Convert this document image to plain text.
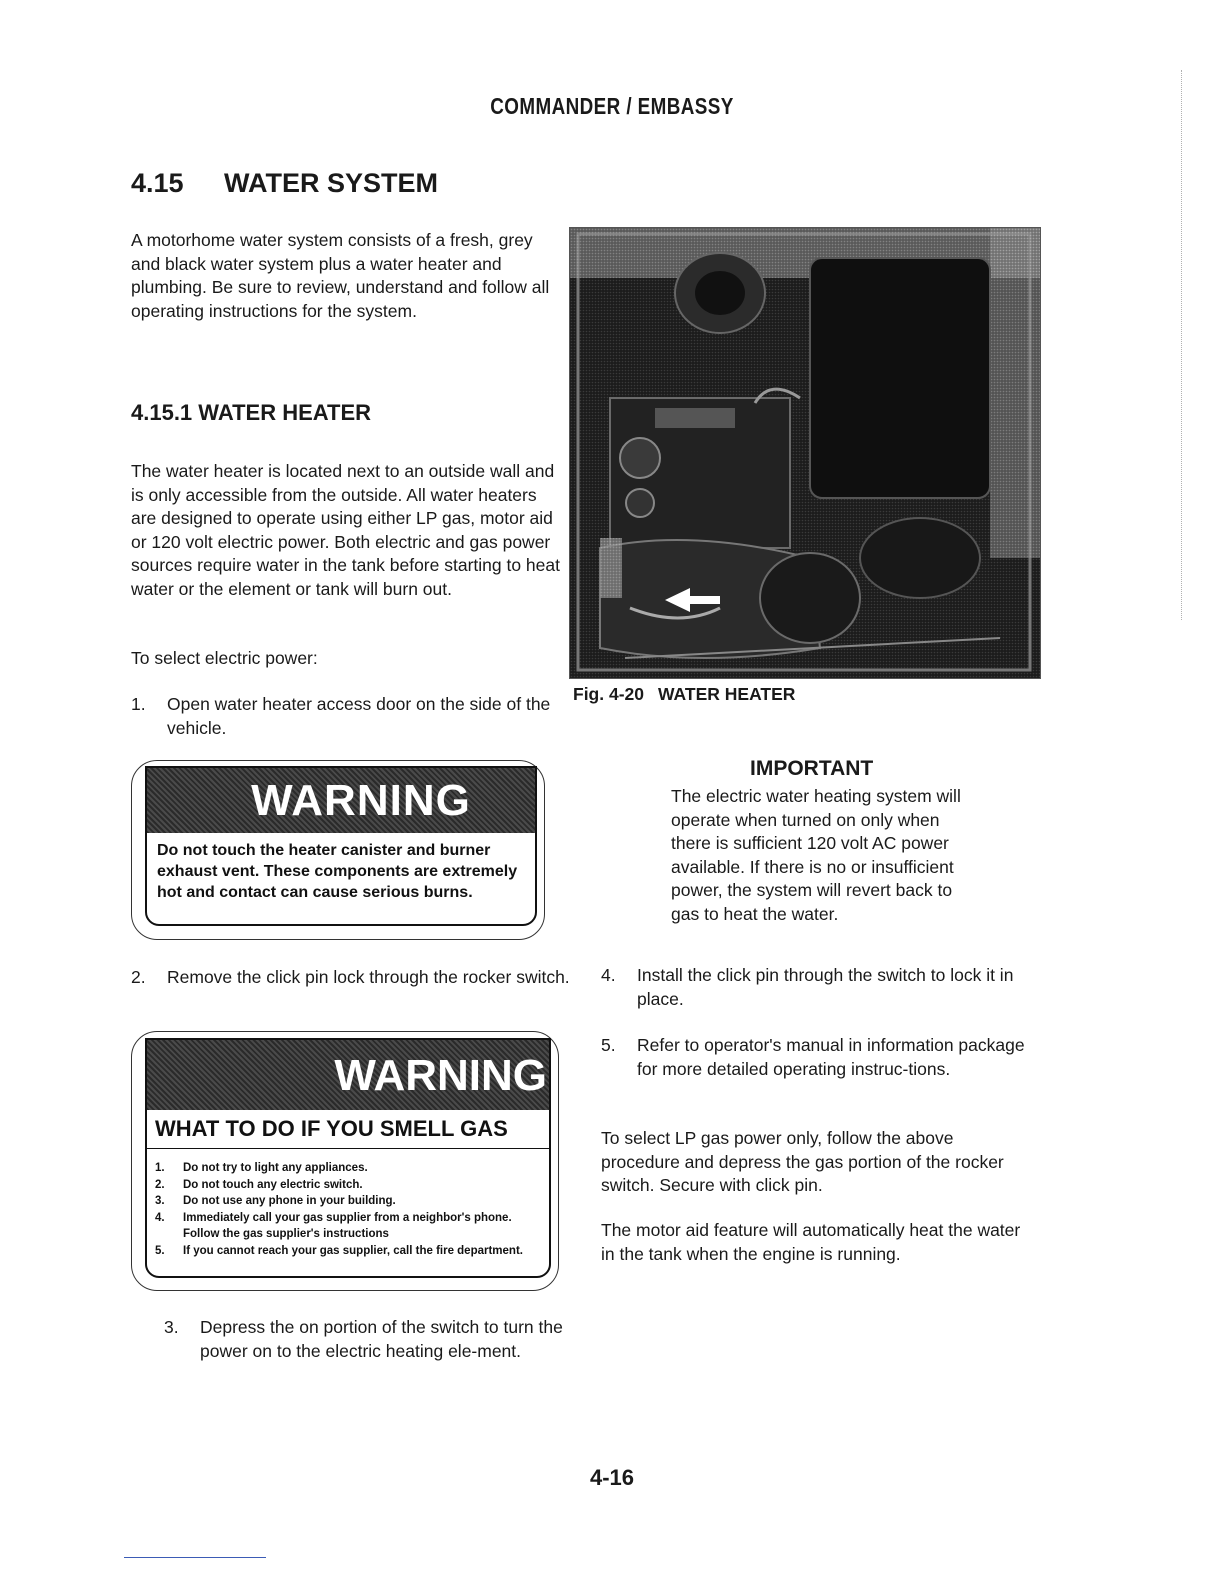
COMMANDER / EMBASSY
4.15 WATER SYSTEM
A motorhome water system consists of a fresh, grey and black water system plus a water heater and plumbing. Be sure to review, understand and follow all operating instructions for the system.
4.15.1 WATER HEATER
The water heater is located next to an outside wall and is only accessible from the outside. All water heaters are designed to operate using either LP gas, motor aid or 120 volt electric power. Both electric and gas power sources require water in the tank before starting to heat water or the element or tank will burn out.
To select electric power:
1. Open water heater access door on the side of the vehicle.
WARNING
Do not touch the heater canister and burner exhaust vent. These components are extremely hot and contact can cause serious burns.
2. Remove the click pin lock through the rocker switch.
WARNING
WHAT TO DO IF YOU SMELL GAS
1. Do not try to light any appliances.
2. Do not touch any electric switch.
3. Do not use any phone in your building.
4. Immediately call your gas supplier from a neighbor's phone. Follow the gas supplier's instructions
5. If you cannot reach your gas supplier, call the fire department.
3. Depress the on portion of the switch to turn the power on to the electric heating ele-ment.
Fig. 4-20 WATER HEATER
IMPORTANT
The electric water heating system will operate when turned on only when there is sufficient 120 volt AC power available. If there is no or insufficient power, the system will revert back to gas to heat the water.
4. Install the click pin through the switch to lock it in place.
5. Refer to operator's manual in information package for more detailed operating instruc-tions.
To select LP gas power only, follow the above procedure and depress the gas portion of the rocker switch. Secure with click pin.
The motor aid feature will automatically heat the water in the tank when the engine is running.
4-16
